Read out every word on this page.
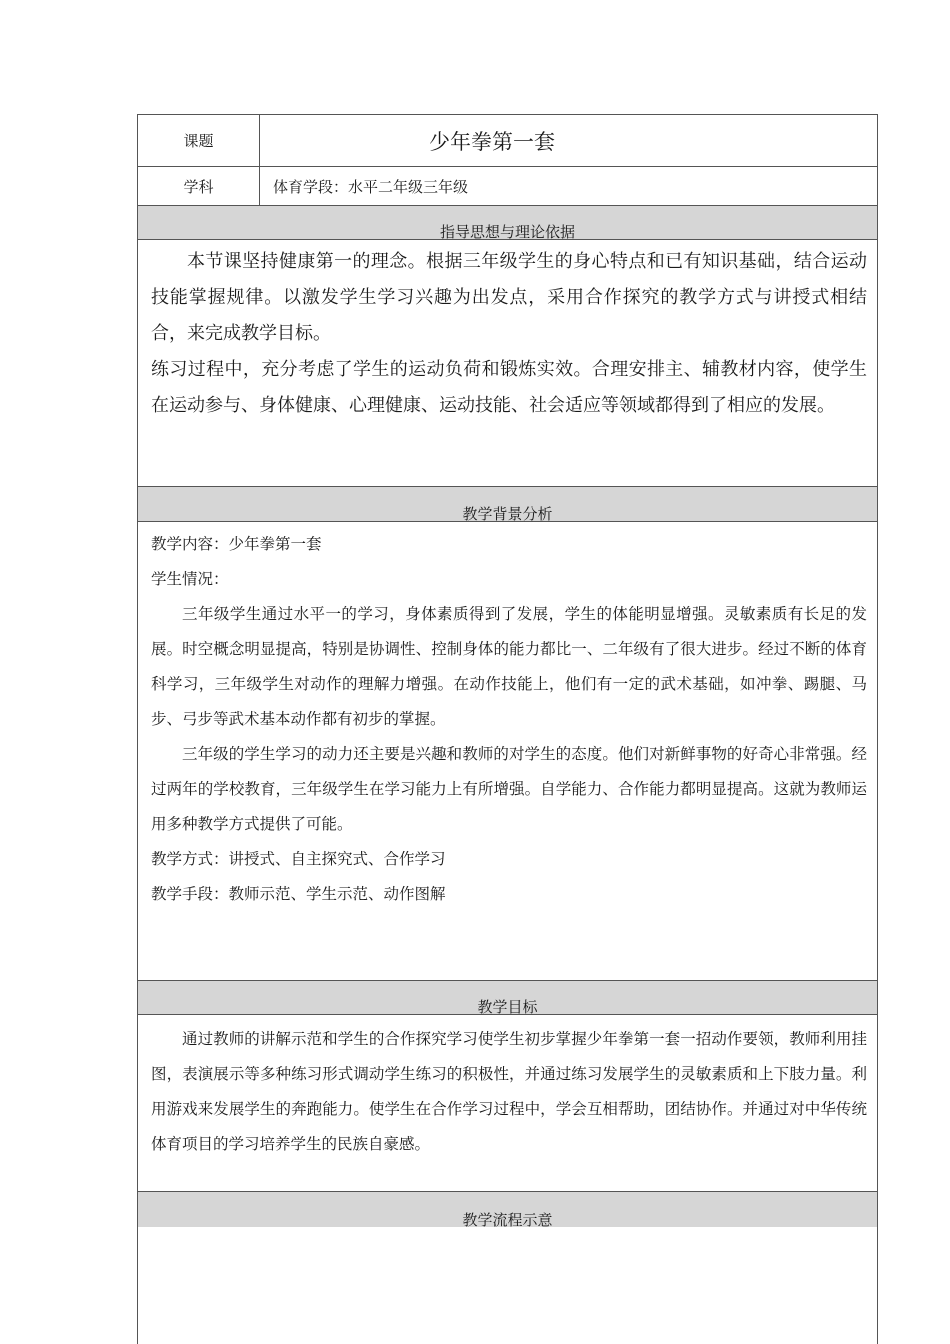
课题	少年拳第一套
学科	体育学段：水平二年级三年级
指导思想与理论依据

本节课坚持健康第一的理念。根据三年级学生的身心特点和已有知识基础，结合运动技能掌握规律。以激发学生学习兴趣为出发点，采用合作探究的教学方式与讲授式相结合，来完成教学目标。

练习过程中，充分考虑了学生的运动负荷和锻炼实效。合理安排主、辅教材内容，使学生在运动参与、身体健康、心理健康、运动技能、社会适应等领域都得到了相应的发展。

教学背景分析

教学内容：少年拳第一套

学生情况：

三年级学生通过水平一的学习，身体素质得到了发展，学生的体能明显增强。灵敏素质有长足的发展。时空概念明显提高，特别是协调性、控制身体的能力都比一、二年级有了很大进步。经过不断的体育科学习，三年级学生对动作的理解力增强。在动作技能上，他们有一定的武术基础，如冲拳、踢腿、马步、弓步等武术基本动作都有初步的掌握。

三年级的学生学习的动力还主要是兴趣和教师的对学生的态度。他们对新鲜事物的好奇心非常强。经过两年的学校教育，三年级学生在学习能力上有所增强。自学能力、合作能力都明显提高。这就为教师运用多种教学方式提供了可能。

教学方式：讲授式、自主探究式、合作学习

教学手段：教师示范、学生示范、动作图解

教学目标

通过教师的讲解示范和学生的合作探究学习使学生初步掌握少年拳第一套一招动作要领，教师利用挂图，表演展示等多种练习形式调动学生练习的积极性，并通过练习发展学生的灵敏素质和上下肢力量。利用游戏来发展学生的奔跑能力。使学生在合作学习过程中，学会互相帮助，团结协作。并通过对中华传统体育项目的学习培养学生的民族自豪感。

教学流程示意
